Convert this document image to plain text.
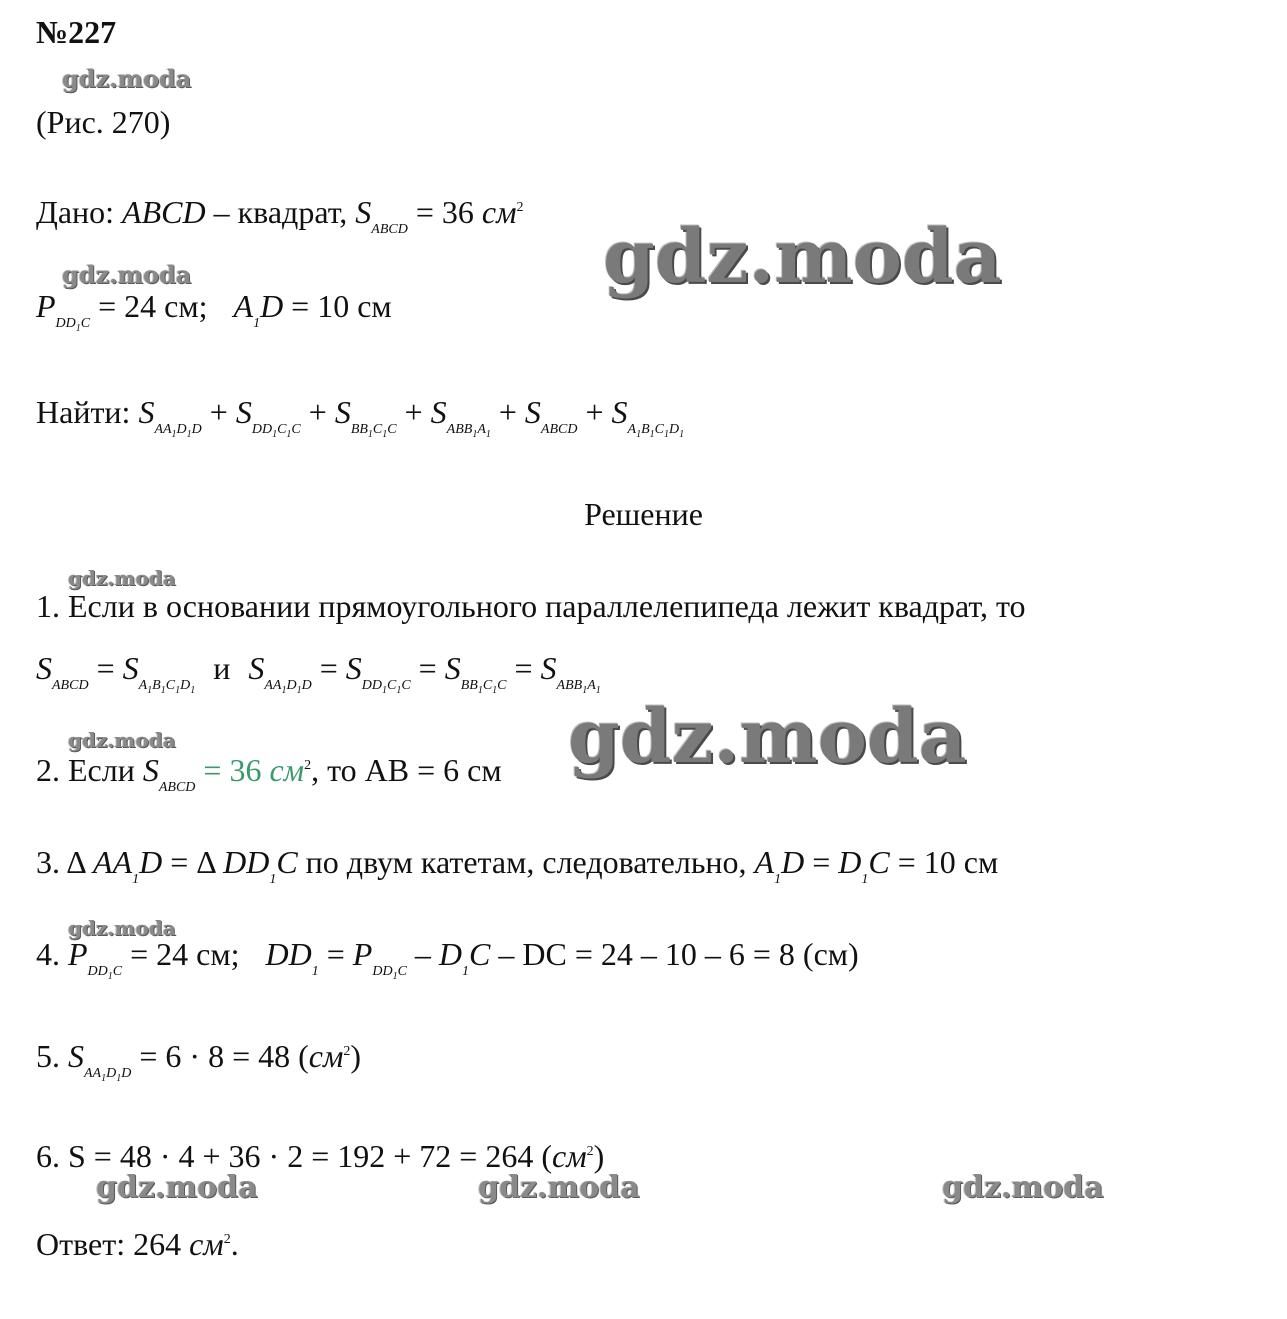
№227
gdz.moda
(Рис. 270)
Дано: ABCD – квадрат, $S_{ABCD} = 36$ $см^2$
gdz.moda
gdz.moda
$P_{DD_1C} = 24$ см; $A_1D = 10$ см
Найти: $S_{AA_1D_1D} + S_{DD_1C_1C} + S_{BB_1C_1C} + S_{ABB_1A_1} + S_{ABCD} + S_{A_1B_1C_1D_1}$
Решение
gdz.moda
1. Если в основании прямоугольного параллелепипеда лежит квадрат, то
$S_{ABCD} = S_{A_1B_1C_1D_1}$ и $S_{AA_1D_1D} = S_{DD_1C_1C} = S_{BB_1C_1C} = S_{ABB_1A_1}$
gdz.moda
gdz.moda
2. Если $S_{ABCD} = 36$ $см^2$, то AB = 6 см
3. Δ $AA_1D = \Delta$ $DD_1C$ по двум катетам, следовательно, $A_1D = D_1C = 10$ см
gdz.moda
4. $P_{DD_1C} = 24$ см; $DD_1 = P_{DD_1C} - D_1C$ – DC = 24 – 10 – 6 = 8 (см)
5. $S_{AA_1D_1D} = 6 \cdot 8 = 48$ $(см^2)$
6. S = 48 · 4 + 36 · 2 = 192 + 72 = 264 $(см^2)$
gdz.moda	gdz.moda	gdz.moda
Ответ: 264 $см^2$.
